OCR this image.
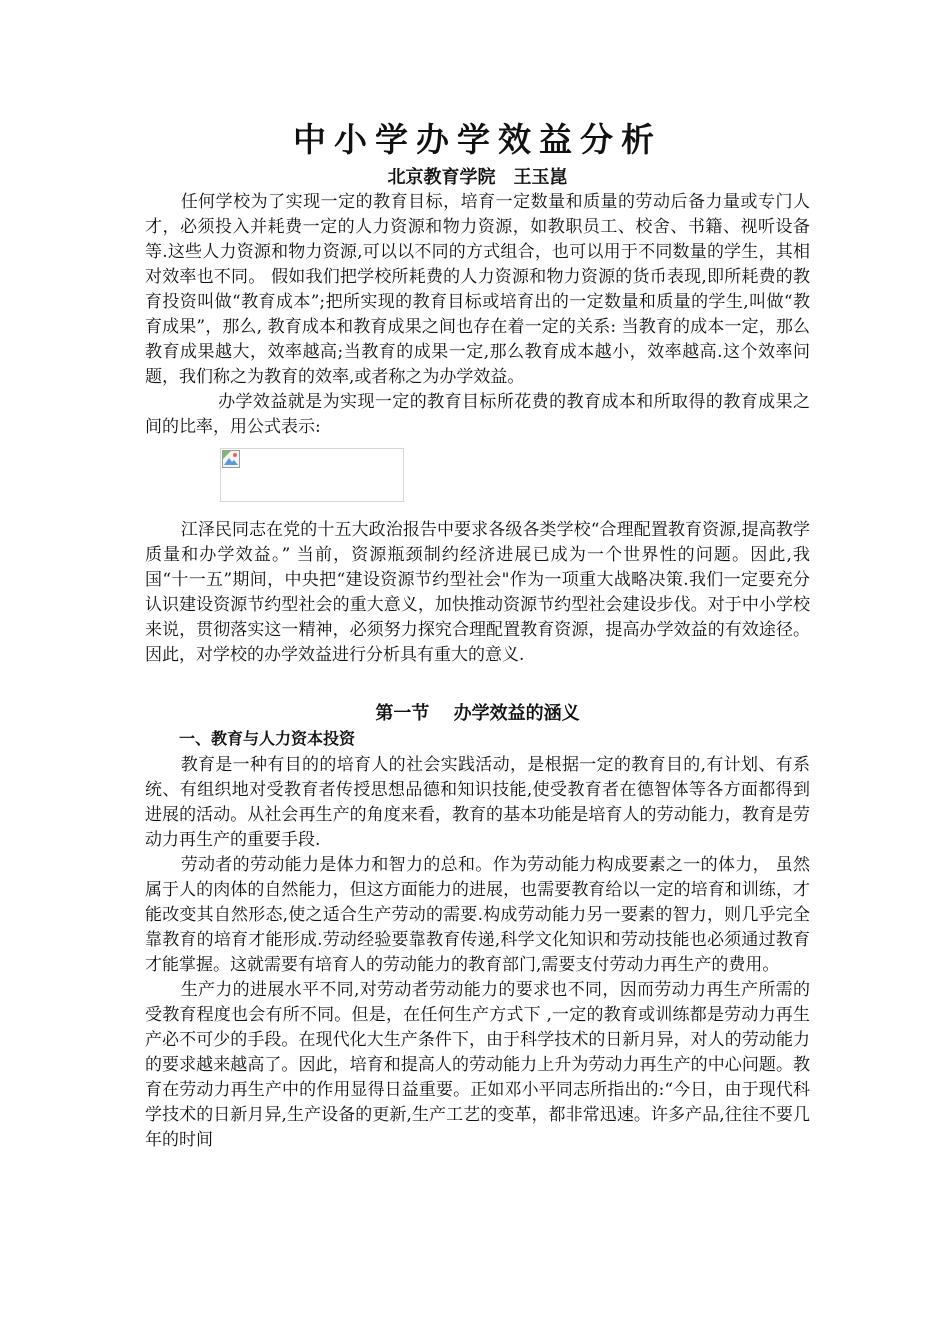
中小学办学效益分析
北京教育学院　王玉崑

任何学校为了实现一定的教育目标，培育一定数量和质量的劳动后备力量或专门人才，必须投入并耗费一定的人力资源和物力资源，如教职员工、校舍、书籍、视听设备等.这些人力资源和物力资源,可以以不同的方式组合，也可以用于不同数量的学生，其相对效率也不同。 假如我们把学校所耗费的人力资源和物力资源的货币表现,即所耗费的教育投资叫做“教育成本”;把所实现的教育目标或培育出的一定数量和质量的学生,叫做“教育成果”，那么, 教育成本和教育成果之间也存在着一定的关系: 当教育的成本一定，那么教育成果越大，效率越高;当教育的成果一定,那么教育成本越小，效率越高.这个效率问题，我们称之为教育的效率,或者称之为办学效益。

办学效益就是为实现一定的教育目标所花费的教育成本和所取得的教育成果之间的比率，用公式表示:

江泽民同志在党的十五大政治报告中要求各级各类学校“合理配置教育资源,提高教学质量和办学效益。” 当前，资源瓶颈制约经济进展已成为一个世界性的问题。因此,我国“十一五”期间，中央把“建设资源节约型社会"作为一项重大战略决策.我们一定要充分认识建设资源节约型社会的重大意义，加快推动资源节约型社会建设步伐。对于中小学校来说，贯彻落实这一精神，必须努力探究合理配置教育资源，提高办学效益的有效途径。因此，对学校的办学效益进行分析具有重大的意义.

第一节　 办学效益的涵义
一、教育与人力资本投资

教育是一种有目的的培育人的社会实践活动，是根据一定的教育目的,有计划、有系统、有组织地对受教育者传授思想品德和知识技能,使受教育者在德智体等各方面都得到进展的活动。从社会再生产的角度来看，教育的基本功能是培育人的劳动能力，教育是劳动力再生产的重要手段.

劳动者的劳动能力是体力和智力的总和。作为劳动能力构成要素之一的体力， 虽然属于人的肉体的自然能力，但这方面能力的进展，也需要教育给以一定的培育和训练，才能改变其自然形态,使之适合生产劳动的需要.构成劳动能力另一要素的智力，则几乎完全靠教育的培育才能形成.劳动经验要靠教育传递,科学文化知识和劳动技能也必须通过教育才能掌握。这就需要有培育人的劳动能力的教育部门,需要支付劳动力再生产的费用。

生产力的进展水平不同,对劳动者劳动能力的要求也不同，因而劳动力再生产所需的受教育程度也会有所不同。但是，在任何生产方式下 ,一定的教育或训练都是劳动力再生产必不可少的手段。在现代化大生产条件下，由于科学技术的日新月异，对人的劳动能力的要求越来越高了。因此，培育和提高人的劳动能力上升为劳动力再生产的中心问题。教育在劳动力再生产中的作用显得日益重要。正如邓小平同志所指出的:“今日，由于现代科学技术的日新月异,生产设备的更新,生产工艺的变革，都非常迅速。许多产品,往往不要几年的时间
